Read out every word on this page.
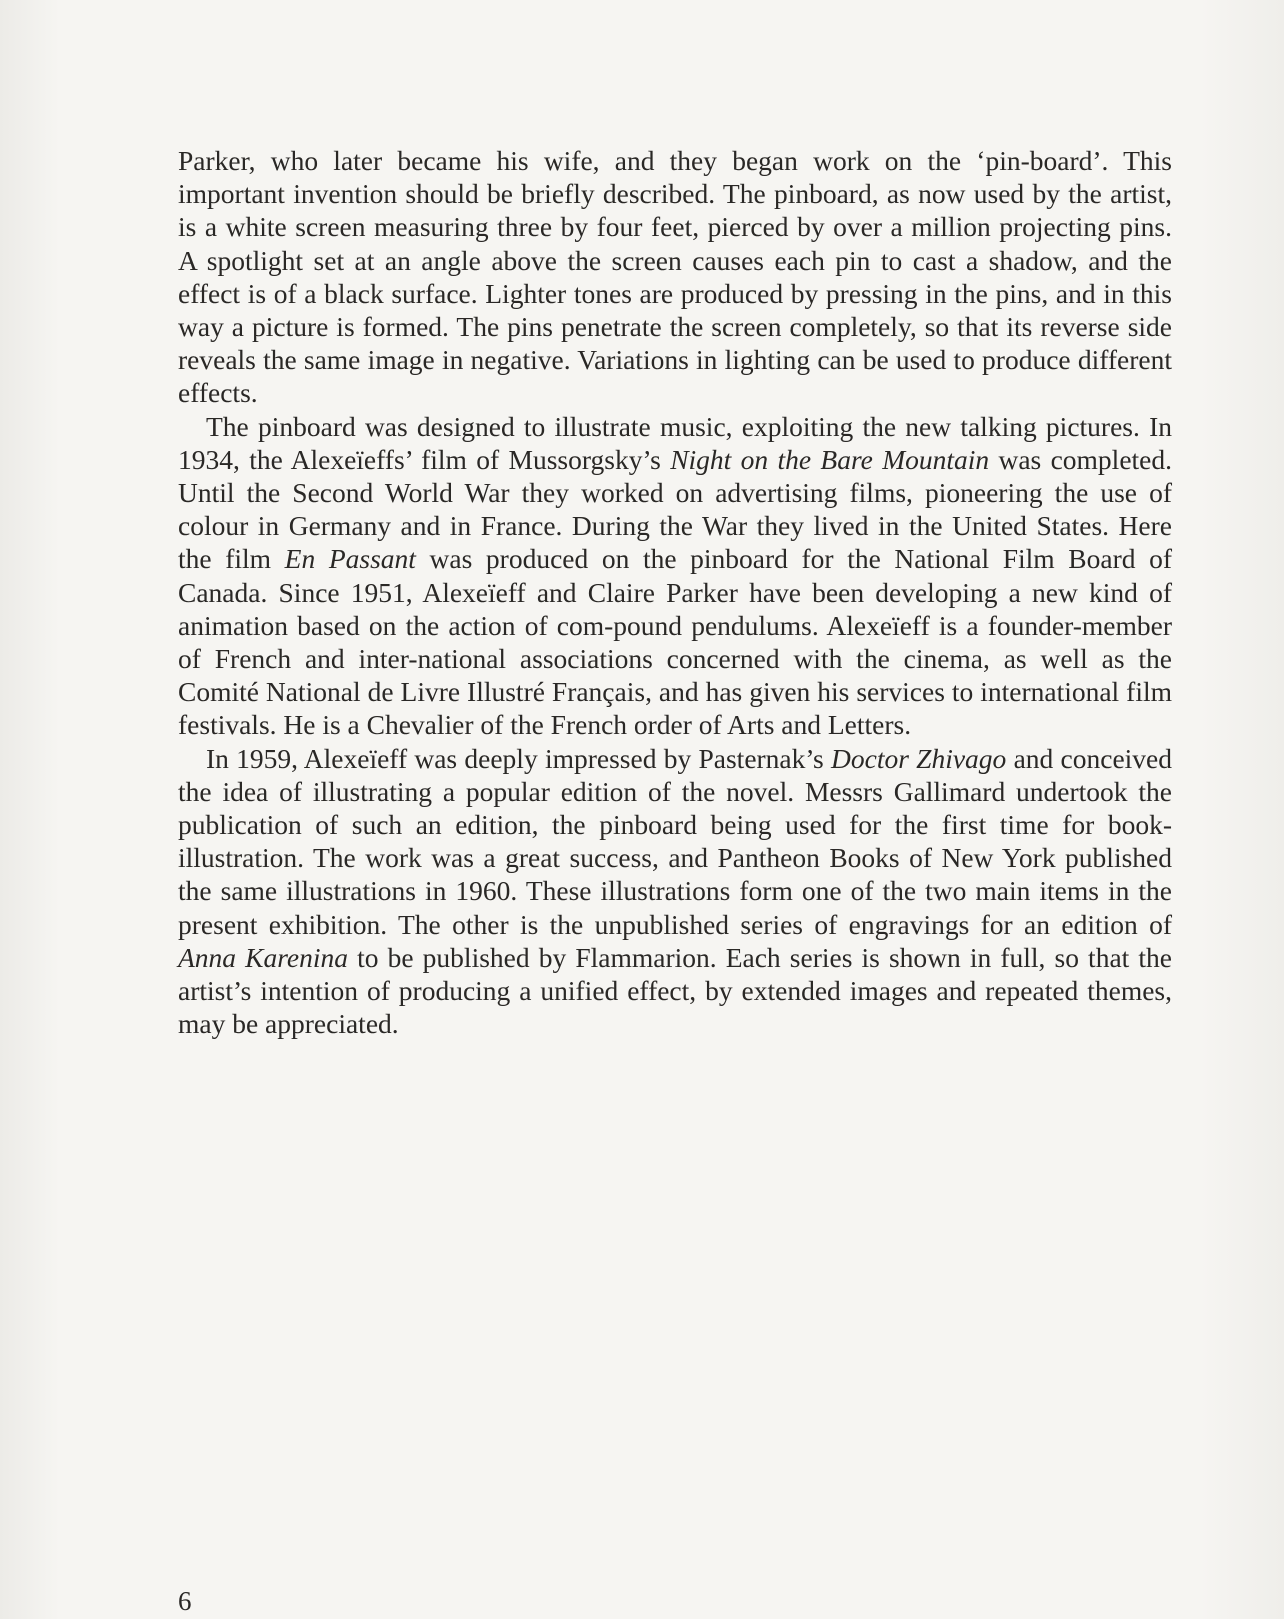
Parker, who later became his wife, and they began work on the ‘pin-board’. This important invention should be briefly described. The pinboard, as now used by the artist, is a white screen measuring three by four feet, pierced by over a million projecting pins. A spotlight set at an angle above the screen causes each pin to cast a shadow, and the effect is of a black surface. Lighter tones are produced by pressing in the pins, and in this way a picture is formed. The pins penetrate the screen completely, so that its reverse side reveals the same image in negative. Variations in lighting can be used to produce different effects.

The pinboard was designed to illustrate music, exploiting the new talking pictures. In 1934, the Alexeïeffs’ film of Mussorgsky’s Night on the Bare Mountain was completed. Until the Second World War they worked on advertising films, pioneering the use of colour in Germany and in France. During the War they lived in the United States. Here the film En Passant was produced on the pinboard for the National Film Board of Canada. Since 1951, Alexeïeff and Claire Parker have been developing a new kind of animation based on the action of com-pound pendulums. Alexeïeff is a founder-member of French and inter-national associations concerned with the cinema, as well as the Comité National de Livre Illustré Français, and has given his services to international film festivals. He is a Chevalier of the French order of Arts and Letters.

In 1959, Alexeïeff was deeply impressed by Pasternak’s Doctor Zhivago and conceived the idea of illustrating a popular edition of the novel. Messrs Gallimard undertook the publication of such an edition, the pinboard being used for the first time for book-illustration. The work was a great success, and Pantheon Books of New York published the same illustrations in 1960. These illustrations form one of the two main items in the present exhibition. The other is the unpublished series of engravings for an edition of Anna Karenina to be published by Flammarion. Each series is shown in full, so that the artist’s intention of producing a unified effect, by extended images and repeated themes, may be appreciated.

6
